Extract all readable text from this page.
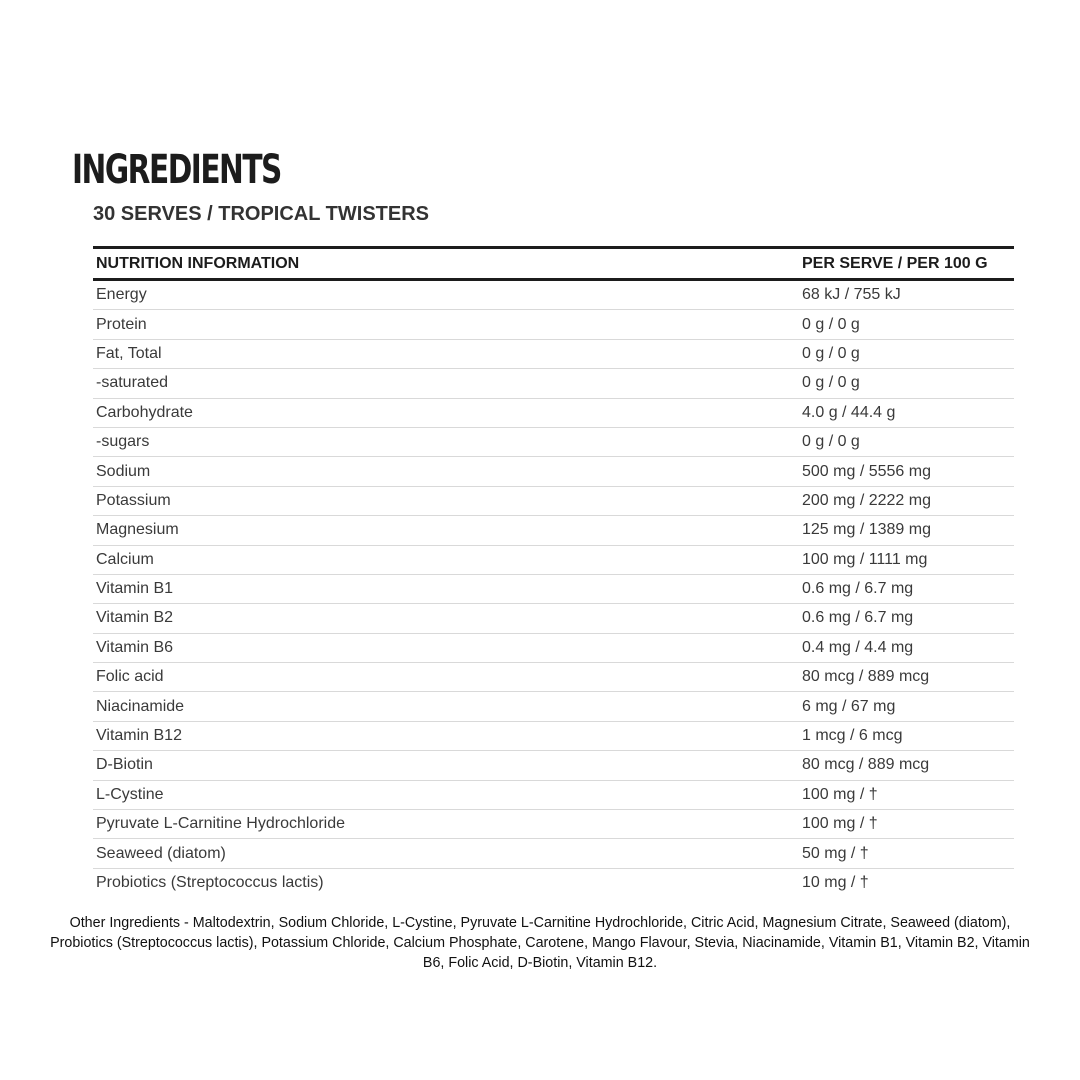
INGREDIENTS
30 SERVES / TROPICAL TWISTERS
NUTRITION INFORMATION	PER SERVE / PER 100 G
Energy	68 kJ / 755 kJ
Protein	0 g / 0 g
Fat, Total	0 g / 0 g
-saturated	0 g / 0 g
Carbohydrate	4.0 g / 44.4 g
-sugars	0 g / 0 g
Sodium	500 mg / 5556 mg
Potassium	200 mg / 2222 mg
Magnesium	125 mg / 1389 mg
Calcium	100 mg / 1111 mg
Vitamin B1	0.6 mg / 6.7 mg
Vitamin B2	0.6 mg / 6.7 mg
Vitamin B6	0.4 mg / 4.4 mg
Folic acid	80 mcg / 889 mcg
Niacinamide	6 mg / 67 mg
Vitamin B12	1 mcg / 6 mcg
D-Biotin	80 mcg / 889 mcg
L-Cystine	100 mg / †
Pyruvate L-Carnitine Hydrochloride	100 mg / †
Seaweed (diatom)	50 mg / †
Probiotics (Streptococcus lactis)	10 mg / †

Other Ingredients - Maltodextrin, Sodium Chloride, L-Cystine, Pyruvate L-Carnitine Hydrochloride, Citric Acid, Magnesium Citrate, Seaweed (diatom), Probiotics (Streptococcus lactis), Potassium Chloride, Calcium Phosphate, Carotene, Mango Flavour, Stevia, Niacinamide, Vitamin B1, Vitamin B2, Vitamin B6, Folic Acid, D-Biotin, Vitamin B12.
